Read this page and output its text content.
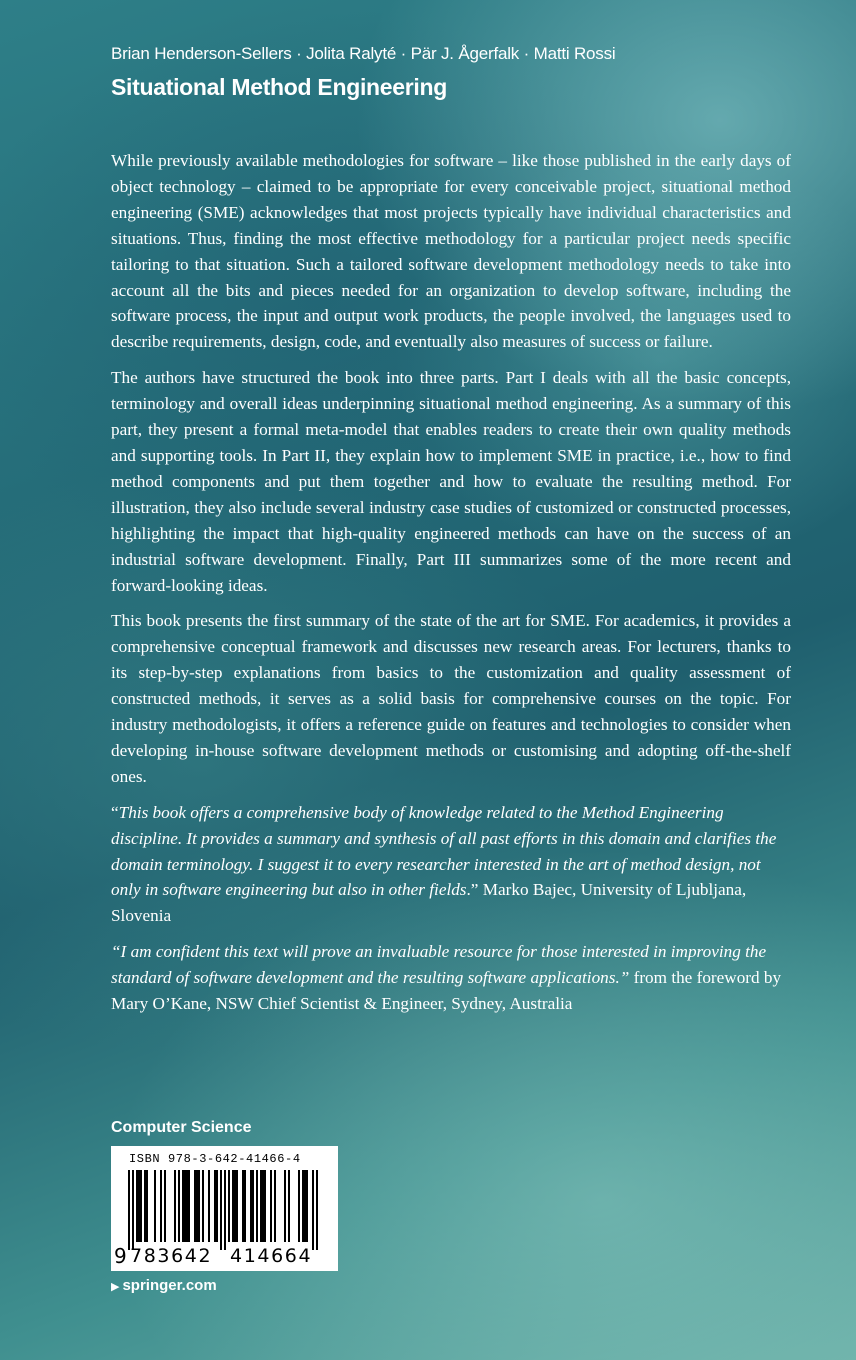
Brian Henderson-Sellers · Jolita Ralyté · Pär J. Ågerfalk · Matti Rossi
Situational Method Engineering

While previously available methodologies for software – like those published in the early days of object technology – claimed to be appropriate for every conceivable project, situational method engineering (SME) acknowledges that most projects typically have individual characteristics and situations. Thus, finding the most effective methodology for a particular project needs specific tailoring to that situation. Such a tailored software development methodology needs to take into account all the bits and pieces needed for an organization to develop software, including the software process, the input and output work products, the people involved, the languages used to describe requirements, design, code, and eventually also measures of success or failure.

The authors have structured the book into three parts. Part I deals with all the basic concepts, terminology and overall ideas underpinning situational method engineering. As a summary of this part, they present a formal meta-model that enables readers to create their own quality methods and supporting tools. In Part II, they explain how to implement SME in practice, i.e., how to find method components and put them together and how to evaluate the resulting method. For illustration, they also include several industry case studies of customized or constructed processes, highlighting the impact that high-quality engineered methods can have on the success of an industrial software development. Finally, Part III summarizes some of the more recent and forward-looking ideas.

This book presents the first summary of the state of the art for SME. For academics, it provides a comprehensive conceptual framework and discusses new research areas. For lecturers, thanks to its step-by-step explanations from basics to the customization and quality assessment of constructed methods, it serves as a solid basis for comprehensive courses on the topic. For industry methodologists, it offers a reference guide on features and technologies to consider when developing in-house software development methods or customising and adopting off-the-shelf ones.

“This book offers a comprehensive body of knowledge related to the Method Engineering discipline. It provides a summary and synthesis of all past efforts in this domain and clarifies the domain terminology. I suggest it to every researcher interested in the art of method design, not only in software engineering but also in other fields.” Marko Bajec, University of Ljubljana, Slovenia

“I am confident this text will prove an invaluable resource for those interested in improving the standard of software development and the resulting software applications.” from the foreword by Mary O’Kane, NSW Chief Scientist & Engineer, Sydney, Australia

Computer Science
ISBN 978-3-642-41466-4
9 783642 414664
▶ springer.com
